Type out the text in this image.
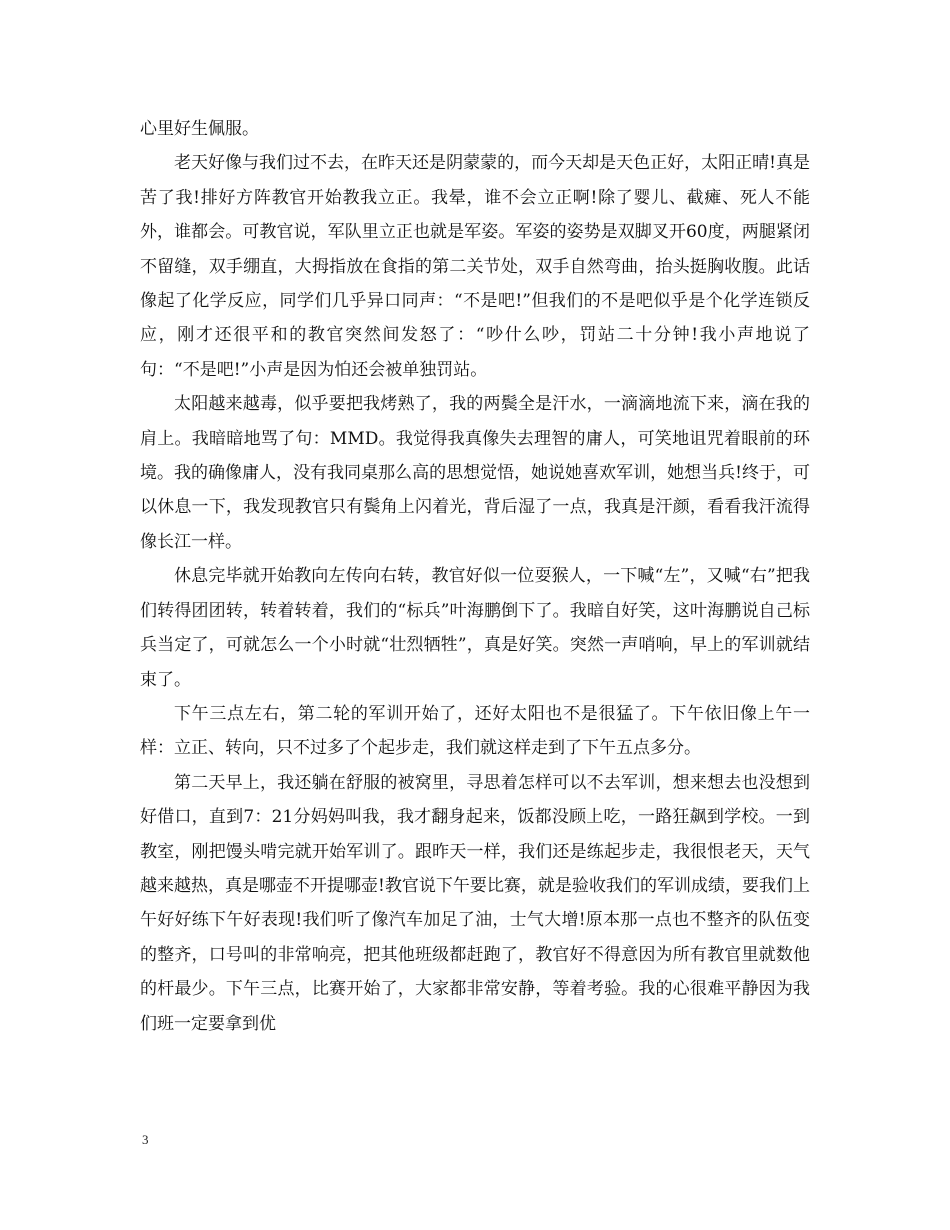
心里好生佩服。

老天好像与我们过不去，在昨天还是阴蒙蒙的，而今天却是天色正好，太阳正晴!真是苦了我!排好方阵教官开始教我立正。我晕，谁不会立正啊!除了婴儿、截瘫、死人不能外，谁都会。可教官说，军队里立正也就是军姿。军姿的姿势是双脚叉开60度，两腿紧闭不留缝，双手绷直，大拇指放在食指的第二关节处，双手自然弯曲，抬头挺胸收腹。此话像起了化学反应，同学们几乎异口同声：“不是吧!”但我们的不是吧似乎是个化学连锁反应，刚才还很平和的教官突然间发怒了：“吵什么吵，罚站二十分钟!我小声地说了句：“不是吧!”小声是因为怕还会被单独罚站。

太阳越来越毒，似乎要把我烤熟了，我的两鬓全是汗水，一滴滴地流下来，滴在我的肩上。我暗暗地骂了句：MMD。我觉得我真像失去理智的庸人，可笑地诅咒着眼前的环境。我的确像庸人，没有我同桌那么高的思想觉悟，她说她喜欢军训，她想当兵!终于，可以休息一下，我发现教官只有鬓角上闪着光，背后湿了一点，我真是汗颜，看看我汗流得像长江一样。

休息完毕就开始教向左传向右转，教官好似一位耍猴人，一下喊“左”，又喊“右”把我们转得团团转，转着转着，我们的“标兵”叶海鹏倒下了。我暗自好笑，这叶海鹏说自己标兵当定了，可就怎么一个小时就“壮烈牺牲”，真是好笑。突然一声哨响，早上的军训就结束了。

下午三点左右，第二轮的军训开始了，还好太阳也不是很猛了。下午依旧像上午一样：立正、转向，只不过多了个起步走，我们就这样走到了下午五点多分。

第二天早上，我还躺在舒服的被窝里，寻思着怎样可以不去军训，想来想去也没想到好借口，直到7：21分妈妈叫我，我才翻身起来，饭都没顾上吃，一路狂飙到学校。一到教室，刚把馒头啃完就开始军训了。跟昨天一样，我们还是练起步走，我很恨老天，天气越来越热，真是哪壶不开提哪壶!教官说下午要比赛，就是验收我们的军训成绩，要我们上午好好练下午好表现!我们听了像汽车加足了油，士气大增!原本那一点也不整齐的队伍变的整齐，口号叫的非常响亮，把其他班级都赶跑了，教官好不得意因为所有教官里就数他的杆最少。下午三点，比赛开始了，大家都非常安静，等着考验。我的心很难平静因为我们班一定要拿到优

3
